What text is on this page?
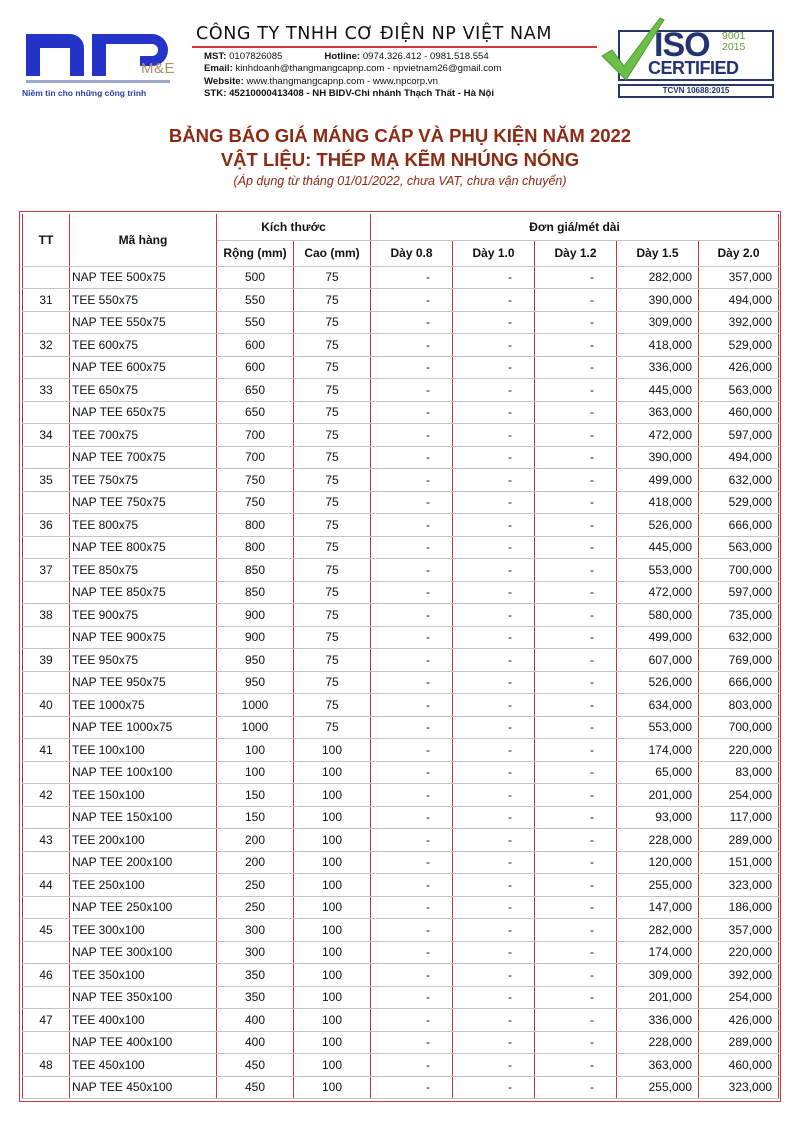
M&E
Niềm tin cho những công trình
CÔNG TY TNHH CƠ ĐIỆN NP VIỆT NAM
MST: 0107826085	Hotline: 0974.326.412 - 0981.518.554
Email: kinhdoanh@thangmangcapnp.com - npvietnam26@gmail.com
Website: www.thangmangcapnp.com - www.npcorp.vn
STK: 45210000413408 - NH BIDV-Chi nhánh Thạch Thất - Hà Nội
ISO 9001
2015
CERTIFIED
TCVN 10688:2015
BẢNG BÁO GIÁ MÁNG CÁP VÀ PHỤ KIỆN NĂM 2022
VẬT LIỆU: THÉP MẠ KẼM NHÚNG NÓNG
(Áp dụng từ tháng 01/01/2022, chưa VAT, chưa vận chuyển)
TT	Mã hàng	Kích thước		Đơn giá/mét dài				
		Rộng (mm)	Cao (mm)	Dày 0.8	Dày 1.0	Dày 1.2	Dày 1.5	Dày 2.0
	NAP TEE 500x75	500	75	-	-	-	282,000	357,000
31	TEE 550x75	550	75	-	-	-	390,000	494,000
	NAP TEE 550x75	550	75	-	-	-	309,000	392,000
32	TEE 600x75	600	75	-	-	-	418,000	529,000
	NAP TEE 600x75	600	75	-	-	-	336,000	426,000
33	TEE 650x75	650	75	-	-	-	445,000	563,000
	NAP TEE 650x75	650	75	-	-	-	363,000	460,000
34	TEE 700x75	700	75	-	-	-	472,000	597,000
	NAP TEE 700x75	700	75	-	-	-	390,000	494,000
35	TEE 750x75	750	75	-	-	-	499,000	632,000
	NAP TEE 750x75	750	75	-	-	-	418,000	529,000
36	TEE 800x75	800	75	-	-	-	526,000	666,000
	NAP TEE 800x75	800	75	-	-	-	445,000	563,000
37	TEE 850x75	850	75	-	-	-	553,000	700,000
	NAP TEE 850x75	850	75	-	-	-	472,000	597,000
38	TEE 900x75	900	75	-	-	-	580,000	735,000
	NAP TEE 900x75	900	75	-	-	-	499,000	632,000
39	TEE 950x75	950	75	-	-	-	607,000	769,000
	NAP TEE 950x75	950	75	-	-	-	526,000	666,000
40	TEE 1000x75	1000	75	-	-	-	634,000	803,000
	NAP TEE 1000x75	1000	75	-	-	-	553,000	700,000
41	TEE 100x100	100	100	-	-	-	174,000	220,000
	NAP TEE 100x100	100	100	-	-	-	65,000	83,000
42	TEE 150x100	150	100	-	-	-	201,000	254,000
	NAP TEE 150x100	150	100	-	-	-	93,000	117,000
43	TEE 200x100	200	100	-	-	-	228,000	289,000
	NAP TEE 200x100	200	100	-	-	-	120,000	151,000
44	TEE 250x100	250	100	-	-	-	255,000	323,000
	NAP TEE 250x100	250	100	-	-	-	147,000	186,000
45	TEE 300x100	300	100	-	-	-	282,000	357,000
	NAP TEE 300x100	300	100	-	-	-	174,000	220,000
46	TEE 350x100	350	100	-	-	-	309,000	392,000
	NAP TEE 350x100	350	100	-	-	-	201,000	254,000
47	TEE 400x100	400	100	-	-	-	336,000	426,000
	NAP TEE 400x100	400	100	-	-	-	228,000	289,000
48	TEE 450x100	450	100	-	-	-	363,000	460,000
	NAP TEE 450x100	450	100	-	-	-	255,000	323,000
